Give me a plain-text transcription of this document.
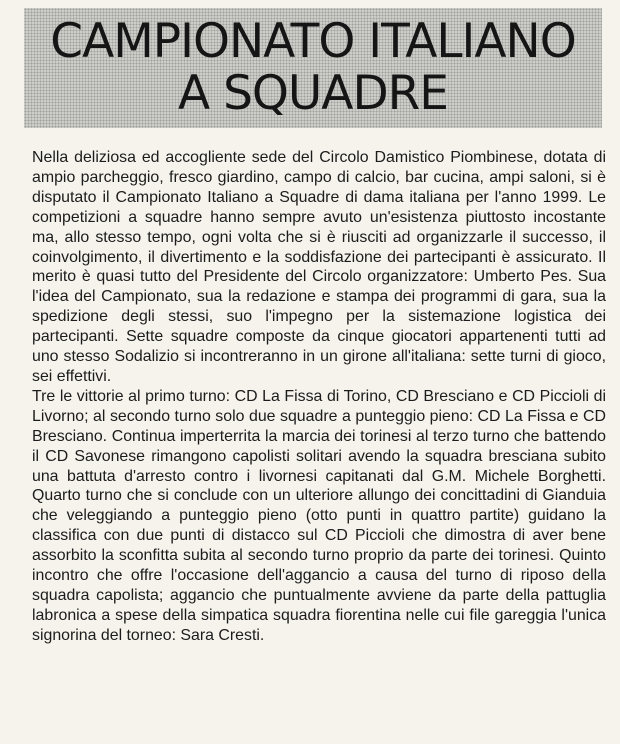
CAMPIONATO ITALIANO
A SQUADRE

Nella deliziosa ed accogliente sede del Circolo Damistico Piombinese, dotata di ampio parcheggio, fresco giardino, campo di calcio, bar cucina, ampi saloni, si è disputato il Campionato Italiano a Squadre di dama italiana per l'anno 1999. Le competizioni a squadre hanno sempre avuto un'esistenza piuttosto incostante ma, allo stesso tempo, ogni volta che si è riusciti ad organizzarle il successo, il coinvolgimento, il divertimento e la soddisfazione dei partecipanti è assicurato. Il merito è quasi tutto del Presidente del Circolo organizzatore: Umberto Pes. Sua l'idea del Campionato, sua la redazione e stampa dei programmi di gara, sua la spedizione degli stessi, suo l'impegno per la sistemazione logistica dei partecipanti. Sette squadre composte da cinque giocatori appartenenti tutti ad uno stesso Sodalizio si incontreranno in un girone all'italiana: sette turni di gioco, sei effettivi.

Tre le vittorie al primo turno: CD La Fissa di Torino, CD Bresciano e CD Piccioli di Livorno; al secondo turno solo due squadre a punteggio pieno: CD La Fissa e CD Bresciano. Continua imperterrita la marcia dei torinesi al terzo turno che battendo il CD Savonese rimangono capolisti solitari avendo la squadra bresciana subito una battuta d'arresto contro i livornesi capitanati dal G.M. Michele Borghetti. Quarto turno che si conclude con un ulteriore allungo dei concittadini di Gianduia che veleggiando a punteggio pieno (otto punti in quattro partite) guidano la classifica con due punti di distacco sul CD Piccioli che dimostra di aver bene assorbito la sconfitta subita al secondo turno proprio da parte dei torinesi. Quinto incontro che offre l'occasione dell'aggancio a causa del turno di riposo della squadra capolista; aggancio che puntualmente avviene da parte della pattuglia labronica a spese della simpatica squadra fiorentina nelle cui file gareggia l'unica signorina del torneo: Sara Cresti.
